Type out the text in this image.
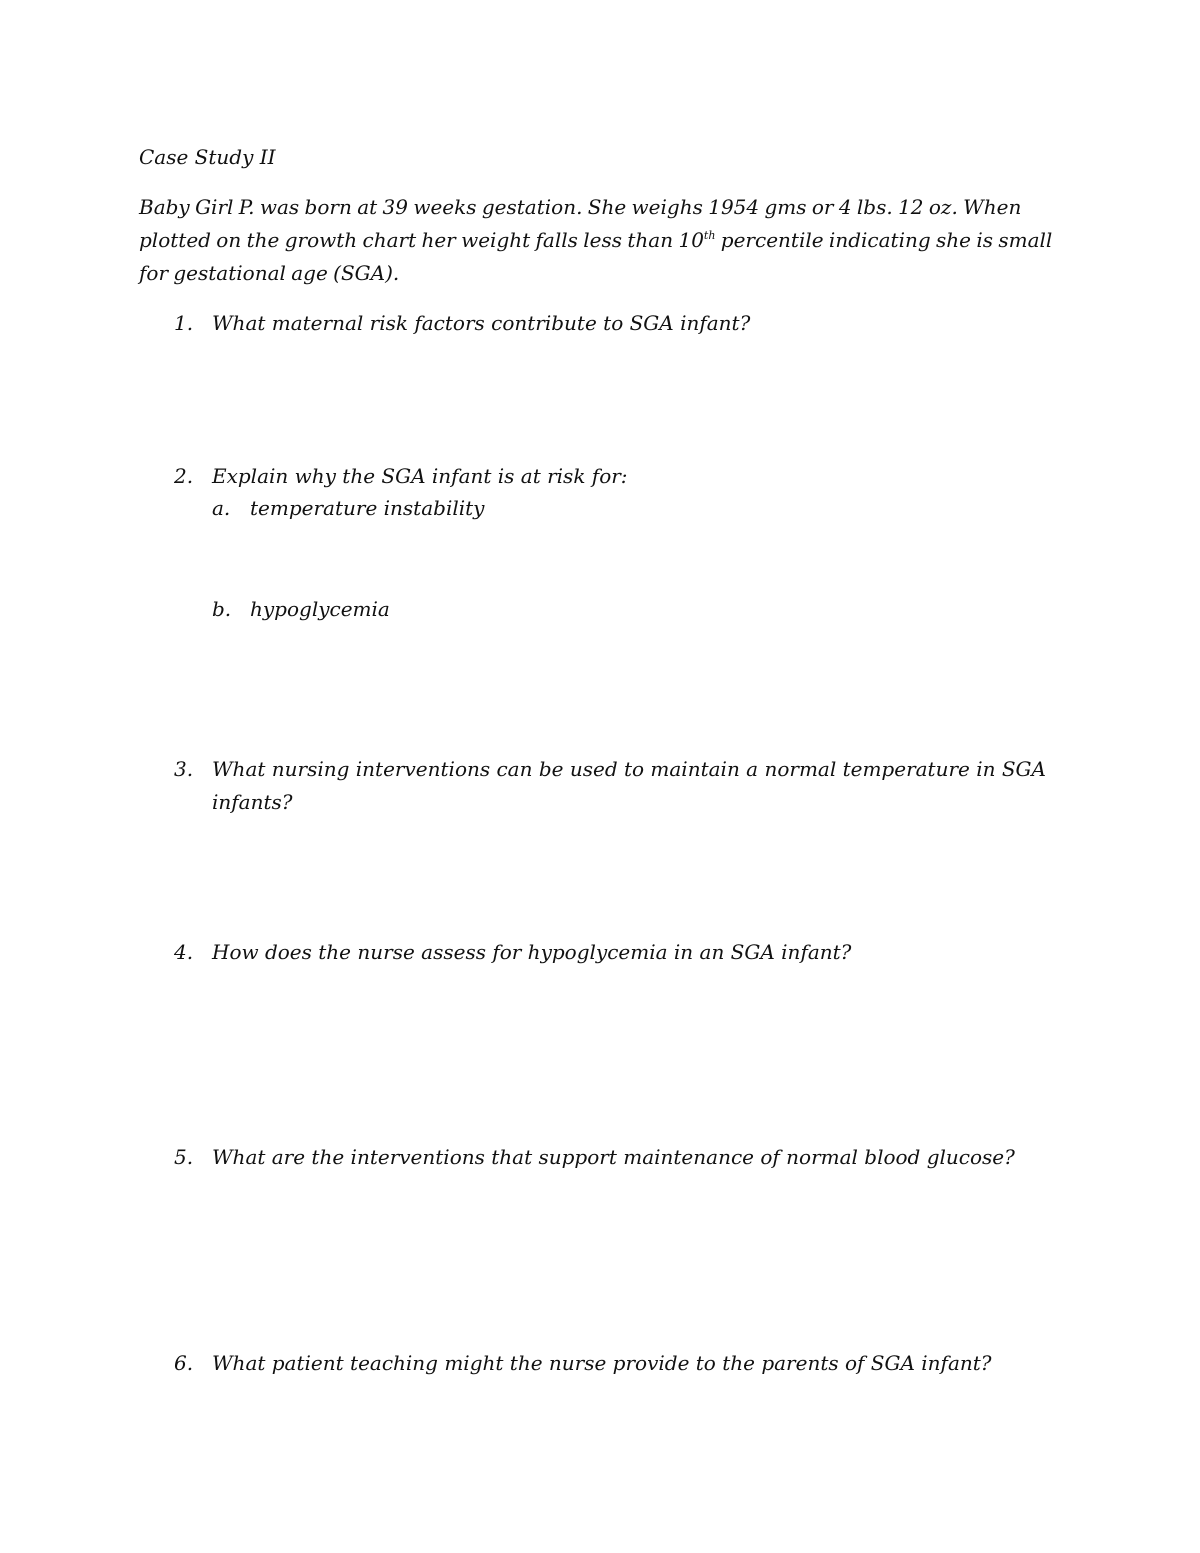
Case Study II

Baby Girl P. was born at 39 weeks gestation. She weighs 1954 gms or 4 lbs. 12 oz. When plotted on the growth chart her weight falls less than 10th percentile indicating she is small for gestational age (SGA).

1. What maternal risk factors contribute to SGA infant?
2. Explain why the SGA infant is at risk for:
a. temperature instability
b. hypoglycemia
3. What nursing interventions can be used to maintain a normal temperature in SGA infants?
4. How does the nurse assess for hypoglycemia in an SGA infant?
5. What are the interventions that support maintenance of normal blood glucose?
6. What patient teaching might the nurse provide to the parents of SGA infant?
